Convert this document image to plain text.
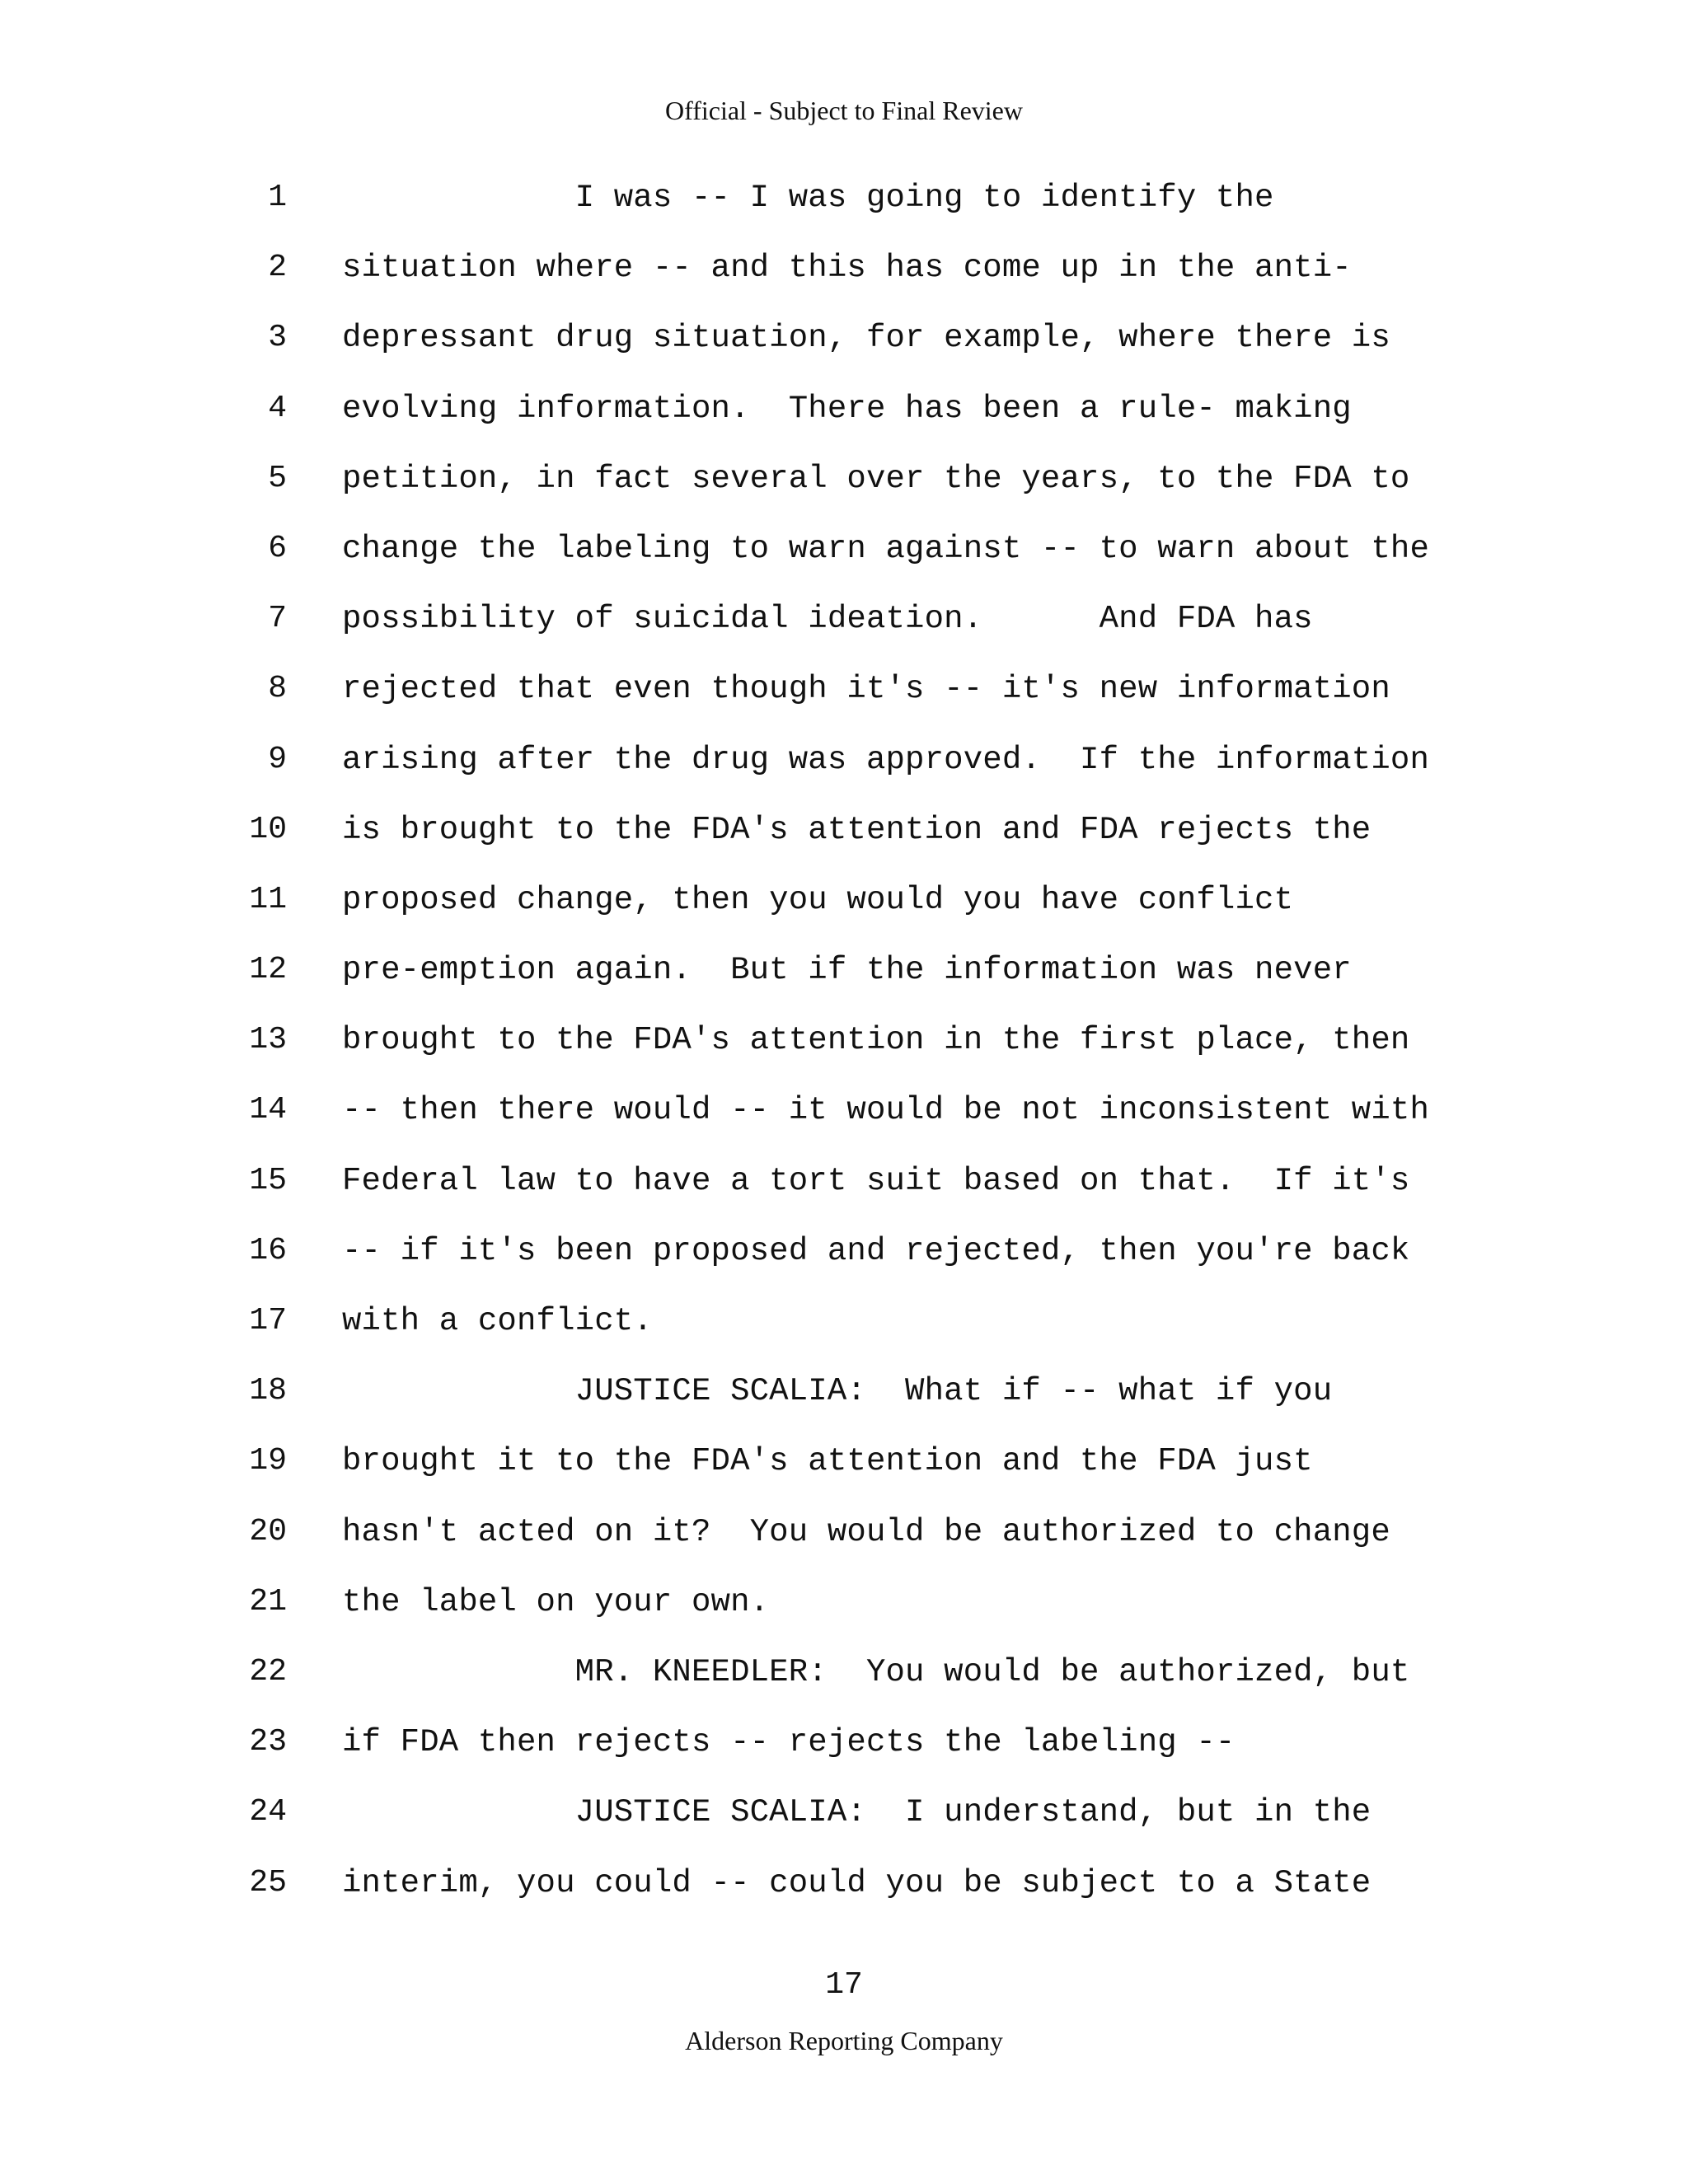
Official - Subject to Final Review
1 I was -- I was going to identify the
2 situation where -- and this has come up in the anti-
3 depressant drug situation, for example, where there is
4 evolving information.  There has been a rule- making
5 petition, in fact several over the years, to the FDA to
6 change the labeling to warn against -- to warn about the
7 possibility of suicidal ideation.      And FDA has
8 rejected that even though it's -- it's new information
9 arising after the drug was approved.  If the information
10 is brought to the FDA's attention and FDA rejects the
11 proposed change, then you would you have conflict
12 pre-emption again.  But if the information was never
13 brought to the FDA's attention in the first place, then
14 -- then there would -- it would be not inconsistent with
15 Federal law to have a tort suit based on that.  If it's
16 -- if it's been proposed and rejected, then you're back
17 with a conflict.
18 JUSTICE SCALIA:  What if -- what if you
19 brought it to the FDA's attention and the FDA just
20 hasn't acted on it?  You would be authorized to change
21 the label on your own.
22 MR. KNEEDLER:  You would be authorized, but
23 if FDA then rejects -- rejects the labeling --
24 JUSTICE SCALIA:  I understand, but in the
25 interim, you could -- could you be subject to a State
17
Alderson Reporting Company
